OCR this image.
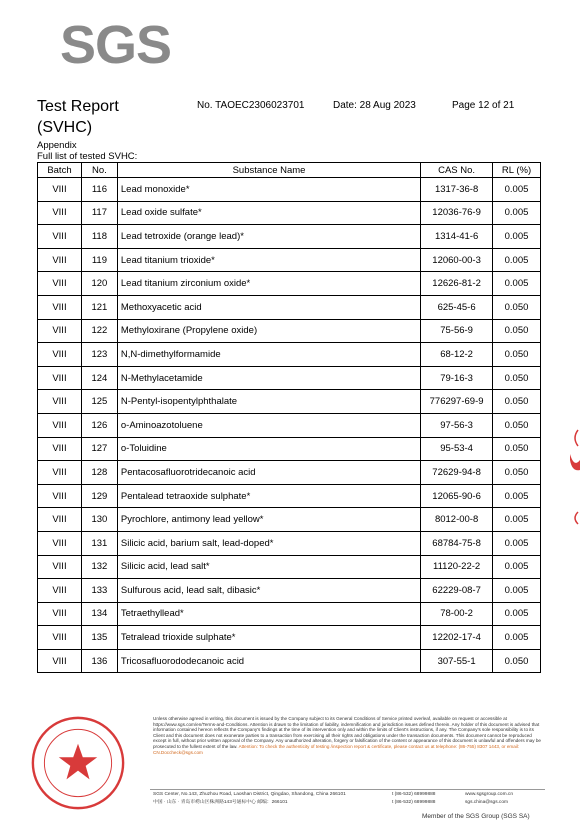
SGS
Test Report
(SVHC)
No. TAOEC2306023701	Date: 28 Aug 2023	Page 12 of 21
Appendix
Full list of tested SVHC:
Batch	No.	Substance Name	CAS No.	RL (%)
VIII	116	Lead monoxide*	1317-36-8	0.005
VIII	117	Lead oxide sulfate*	12036-76-9	0.005
VIII	118	Lead tetroxide (orange lead)*	1314-41-6	0.005
VIII	119	Lead titanium trioxide*	12060-00-3	0.005
VIII	120	Lead titanium zirconium oxide*	12626-81-2	0.005
VIII	121	Methoxyacetic acid	625-45-6	0.050
VIII	122	Methyloxirane (Propylene oxide)	75-56-9	0.050
VIII	123	N,N-dimethylformamide	68-12-2	0.050
VIII	124	N-Methylacetamide	79-16-3	0.050
VIII	125	N-Pentyl-isopentylphthalate	776297-69-9	0.050
VIII	126	o-Aminoazotoluene	97-56-3	0.050
VIII	127	o-Toluidine	95-53-4	0.050
VIII	128	Pentacosafluorotridecanoic acid	72629-94-8	0.050
VIII	129	Pentalead tetraoxide sulphate*	12065-90-6	0.005
VIII	130	Pyrochlore, antimony lead yellow*	8012-00-8	0.005
VIII	131	Silicic acid, barium salt, lead-doped*	68784-75-8	0.005
VIII	132	Silicic acid, lead salt*	11120-22-2	0.005
VIII	133	Sulfurous acid, lead salt, dibasic*	62229-08-7	0.005
VIII	134	Tetraethyllead*	78-00-2	0.005
VIII	135	Tetralead trioxide sulphate*	12202-17-4	0.005
VIII	136	Tricosafluorododecanoic acid	307-55-1	0.050
Unless otherwise agreed in writing, this document is issued by the Company subject to its General Conditions of Service printed overleaf, available on request or accessible at https://www.sgs.com/en/Terms-and-Conditions. Attention is drawn to the limitation of liability, indemnification and jurisdiction issues defined therein. Any holder of this document is advised that information contained hereon reflects the Company's findings at the time of its intervention only and within the limits of Client's instructions, if any. The Company's sole responsibility is to its Client and this document does not exonerate parties to a transaction from exercising all their rights and obligations under the transaction documents. This document cannot be reproduced except in full, without prior written approval of the Company. Any unauthorized alteration, forgery or falsification of the content or appearance of this document is unlawful and offenders may be prosecuted to the fullest extent of the law. Attention: To check the authenticity of testing /inspection report & certificate, please contact us at telephone: (86-755) 8307 1443, or email: CN.Doccheck@sgs.com
SGS Center, No.143, Zhuzhou Road, Laoshan District, Qingdao, Shandong, China 266101
中国 · 山东 · 青岛市崂山区株洲路143号通标中心 邮编：266101
t (86-532) 68999888
t (86-532) 68999888
www.sgsgroup.com.cn
sgs.china@sgs.com
Member of the SGS Group (SGS SA)
